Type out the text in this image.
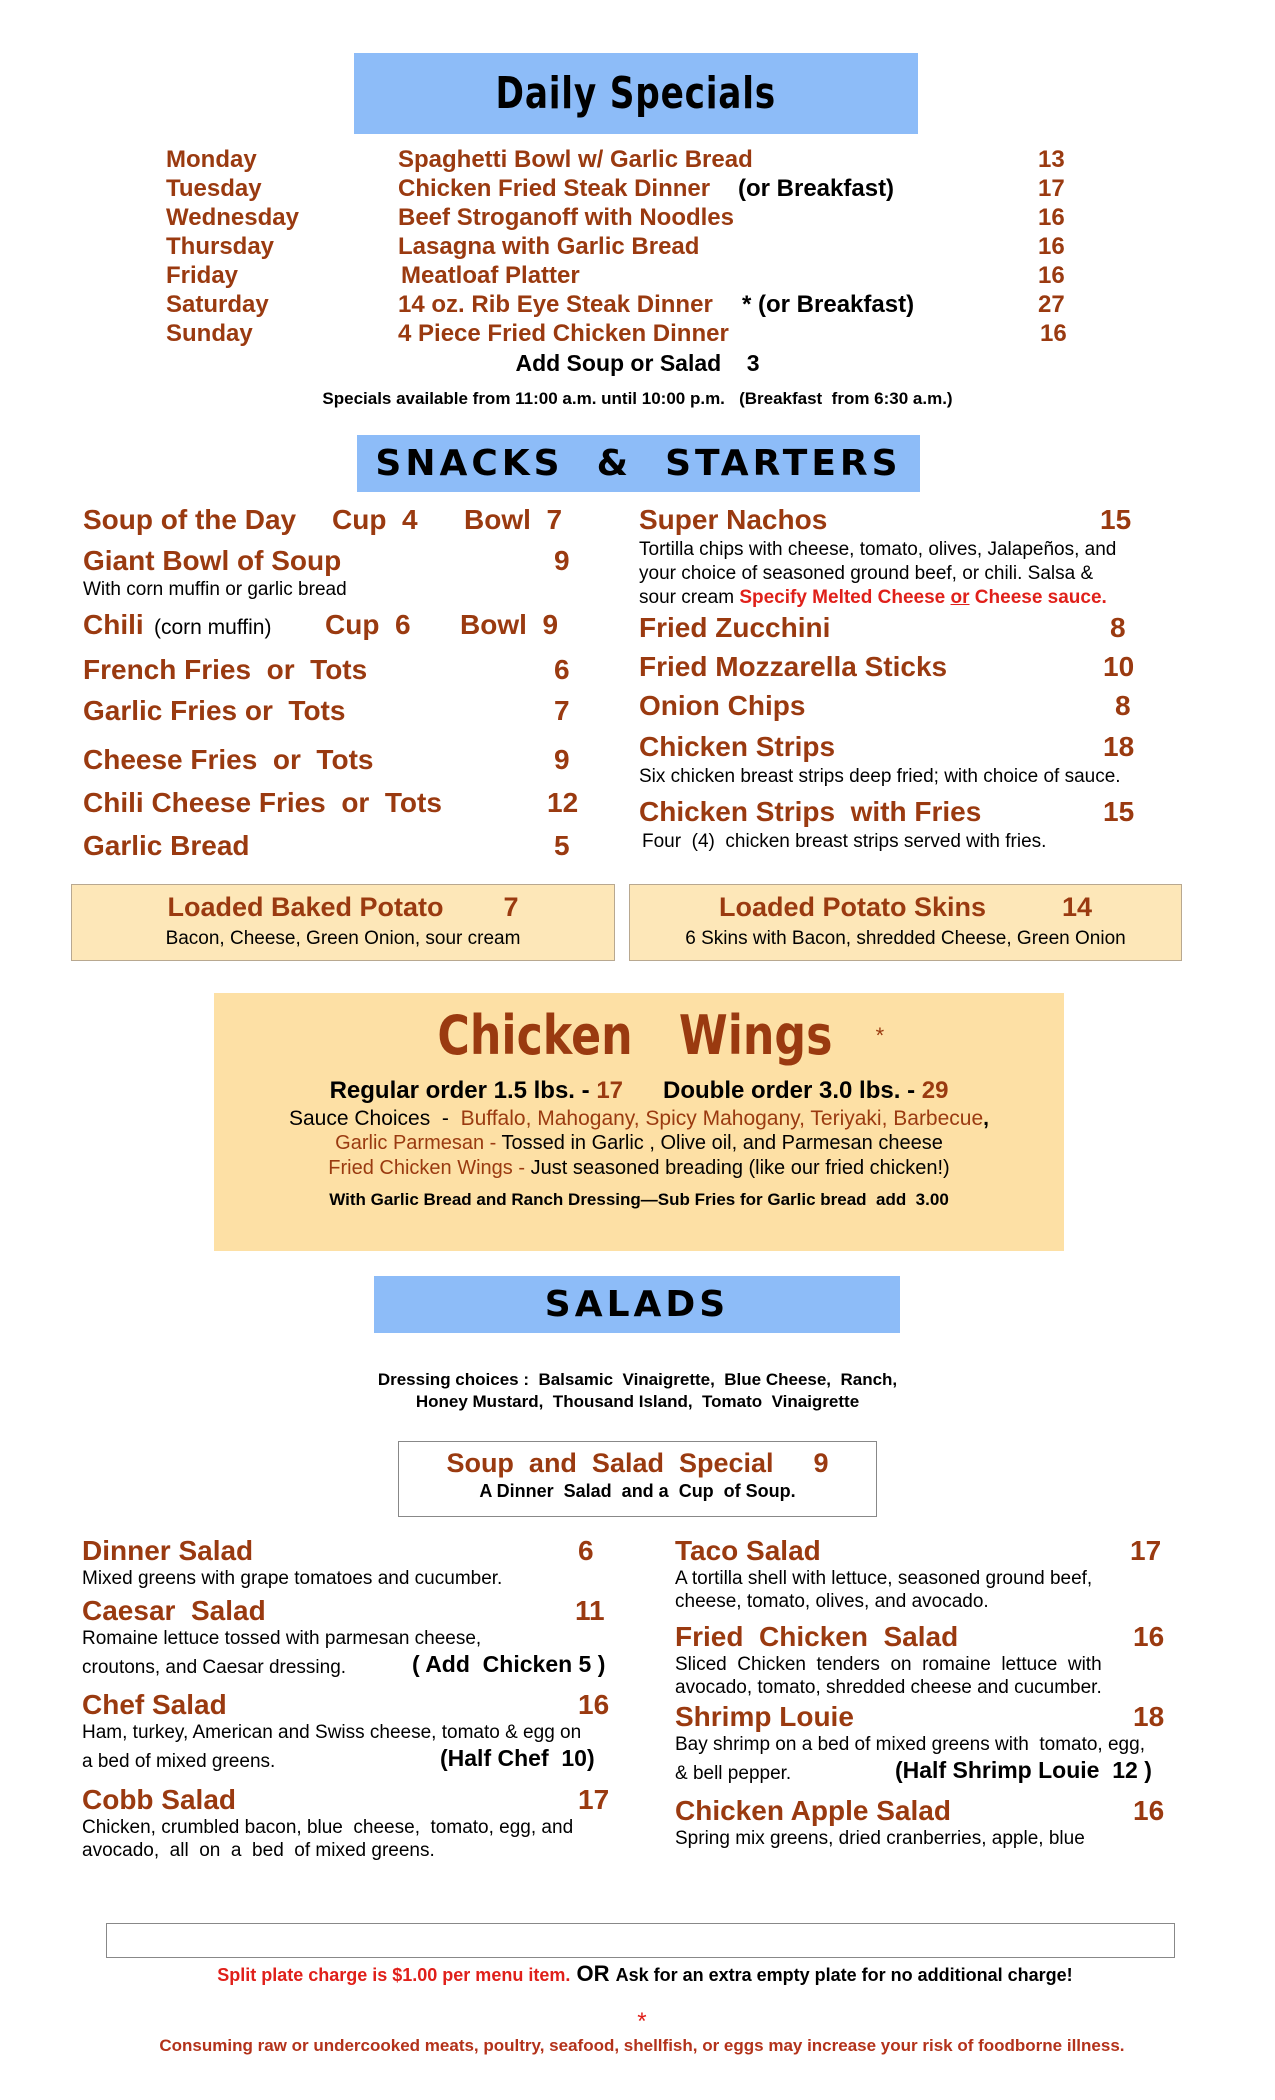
Daily Specials
Monday	Spaghetti Bowl w/ Garlic Bread	13
Tuesday	Chicken Fried Steak Dinner (or Breakfast)	17
Wednesday	Beef Stroganoff with Noodles	16
Thursday	Lasagna with Garlic Bread	16
Friday	Meatloaf Platter	16
Saturday	14 oz. Rib Eye Steak Dinner * (or Breakfast)	27
Sunday	4 Piece Fried Chicken Dinner	16
Add Soup or Salad    3
Specials available from 11:00 a.m. until 10:00 p.m.   (Breakfast  from 6:30 a.m.)
SNACKS  &  STARTERS
Soup of the Day Cup  4 Bowl  7
Giant Bowl of Soup	9
With corn muffin or garlic bread
Chili (corn muffin) Cup  6 Bowl  9
French Fries  or  Tots	6
Garlic Fries or  Tots	7
Cheese Fries  or  Tots	9
Chili Cheese Fries  or  Tots	12
Garlic Bread	5
Super Nachos	15
Tortilla chips with cheese, tomato, olives, Jalapeños, and
your choice of seasoned ground beef, or chili. Salsa &
sour cream Specify Melted Cheese or Cheese sauce.
Fried Zucchini	8
Fried Mozzarella Sticks	10
Onion Chips	8
Chicken Strips	18
Six chicken breast strips deep fried; with choice of sauce.
Chicken Strips  with Fries	15
Four  (4)  chicken breast strips served with fries.
Loaded Baked Potato 7
Bacon, Cheese, Green Onion, sour cream
Loaded Potato Skins	14
6 Skins with Bacon, shredded Cheese, Green Onion
Chicken   Wings *
Regular order 1.5 lbs. - 17 Double order 3.0 lbs. - 29
Sauce Choices  -  Buffalo, Mahogany, Spicy Mahogany, Teriyaki, Barbecue,
Garlic Parmesan - Tossed in Garlic , Olive oil, and Parmesan cheese
Fried Chicken Wings - Just seasoned breading (like our fried chicken!)
With Garlic Bread and Ranch Dressing—Sub Fries for Garlic bread  add  3.00
SALADS
Dressing choices :  Balsamic  Vinaigrette,  Blue Cheese,  Ranch,
Honey Mustard,  Thousand Island,  Tomato  Vinaigrette
Soup  and  Salad  Special 9
A Dinner  Salad  and a  Cup  of Soup.
Dinner Salad	6
Mixed greens with grape tomatoes and cucumber.
Caesar  Salad	11
Romaine lettuce tossed with parmesan cheese,
croutons, and Caesar dressing.	( Add  Chicken 5 )
Chef Salad	16
Ham, turkey, American and Swiss cheese, tomato & egg on
a bed of mixed greens.	(Half Chef  10)
Cobb Salad	17
Chicken, crumbled bacon, blue  cheese,  tomato, egg, and
avocado,  all  on  a  bed  of mixed greens.
Taco Salad	17
A tortilla shell with lettuce, seasoned ground beef,
cheese, tomato, olives, and avocado.
Fried  Chicken  Salad	16
Sliced  Chicken  tenders  on  romaine  lettuce  with
avocado, tomato, shredded cheese and cucumber.
Shrimp Louie	18
Bay shrimp on a bed of mixed greens with  tomato, egg,
& bell pepper.	(Half Shrimp Louie  12 )
Chicken Apple Salad	16
Spring mix greens, dried cranberries, apple, blue

Split plate charge is $1.00 per menu item. OR Ask for an extra empty plate for no additional charge!

*
Consuming raw or undercooked meats, poultry, seafood, shellfish, or eggs may increase your risk of foodborne illness.
